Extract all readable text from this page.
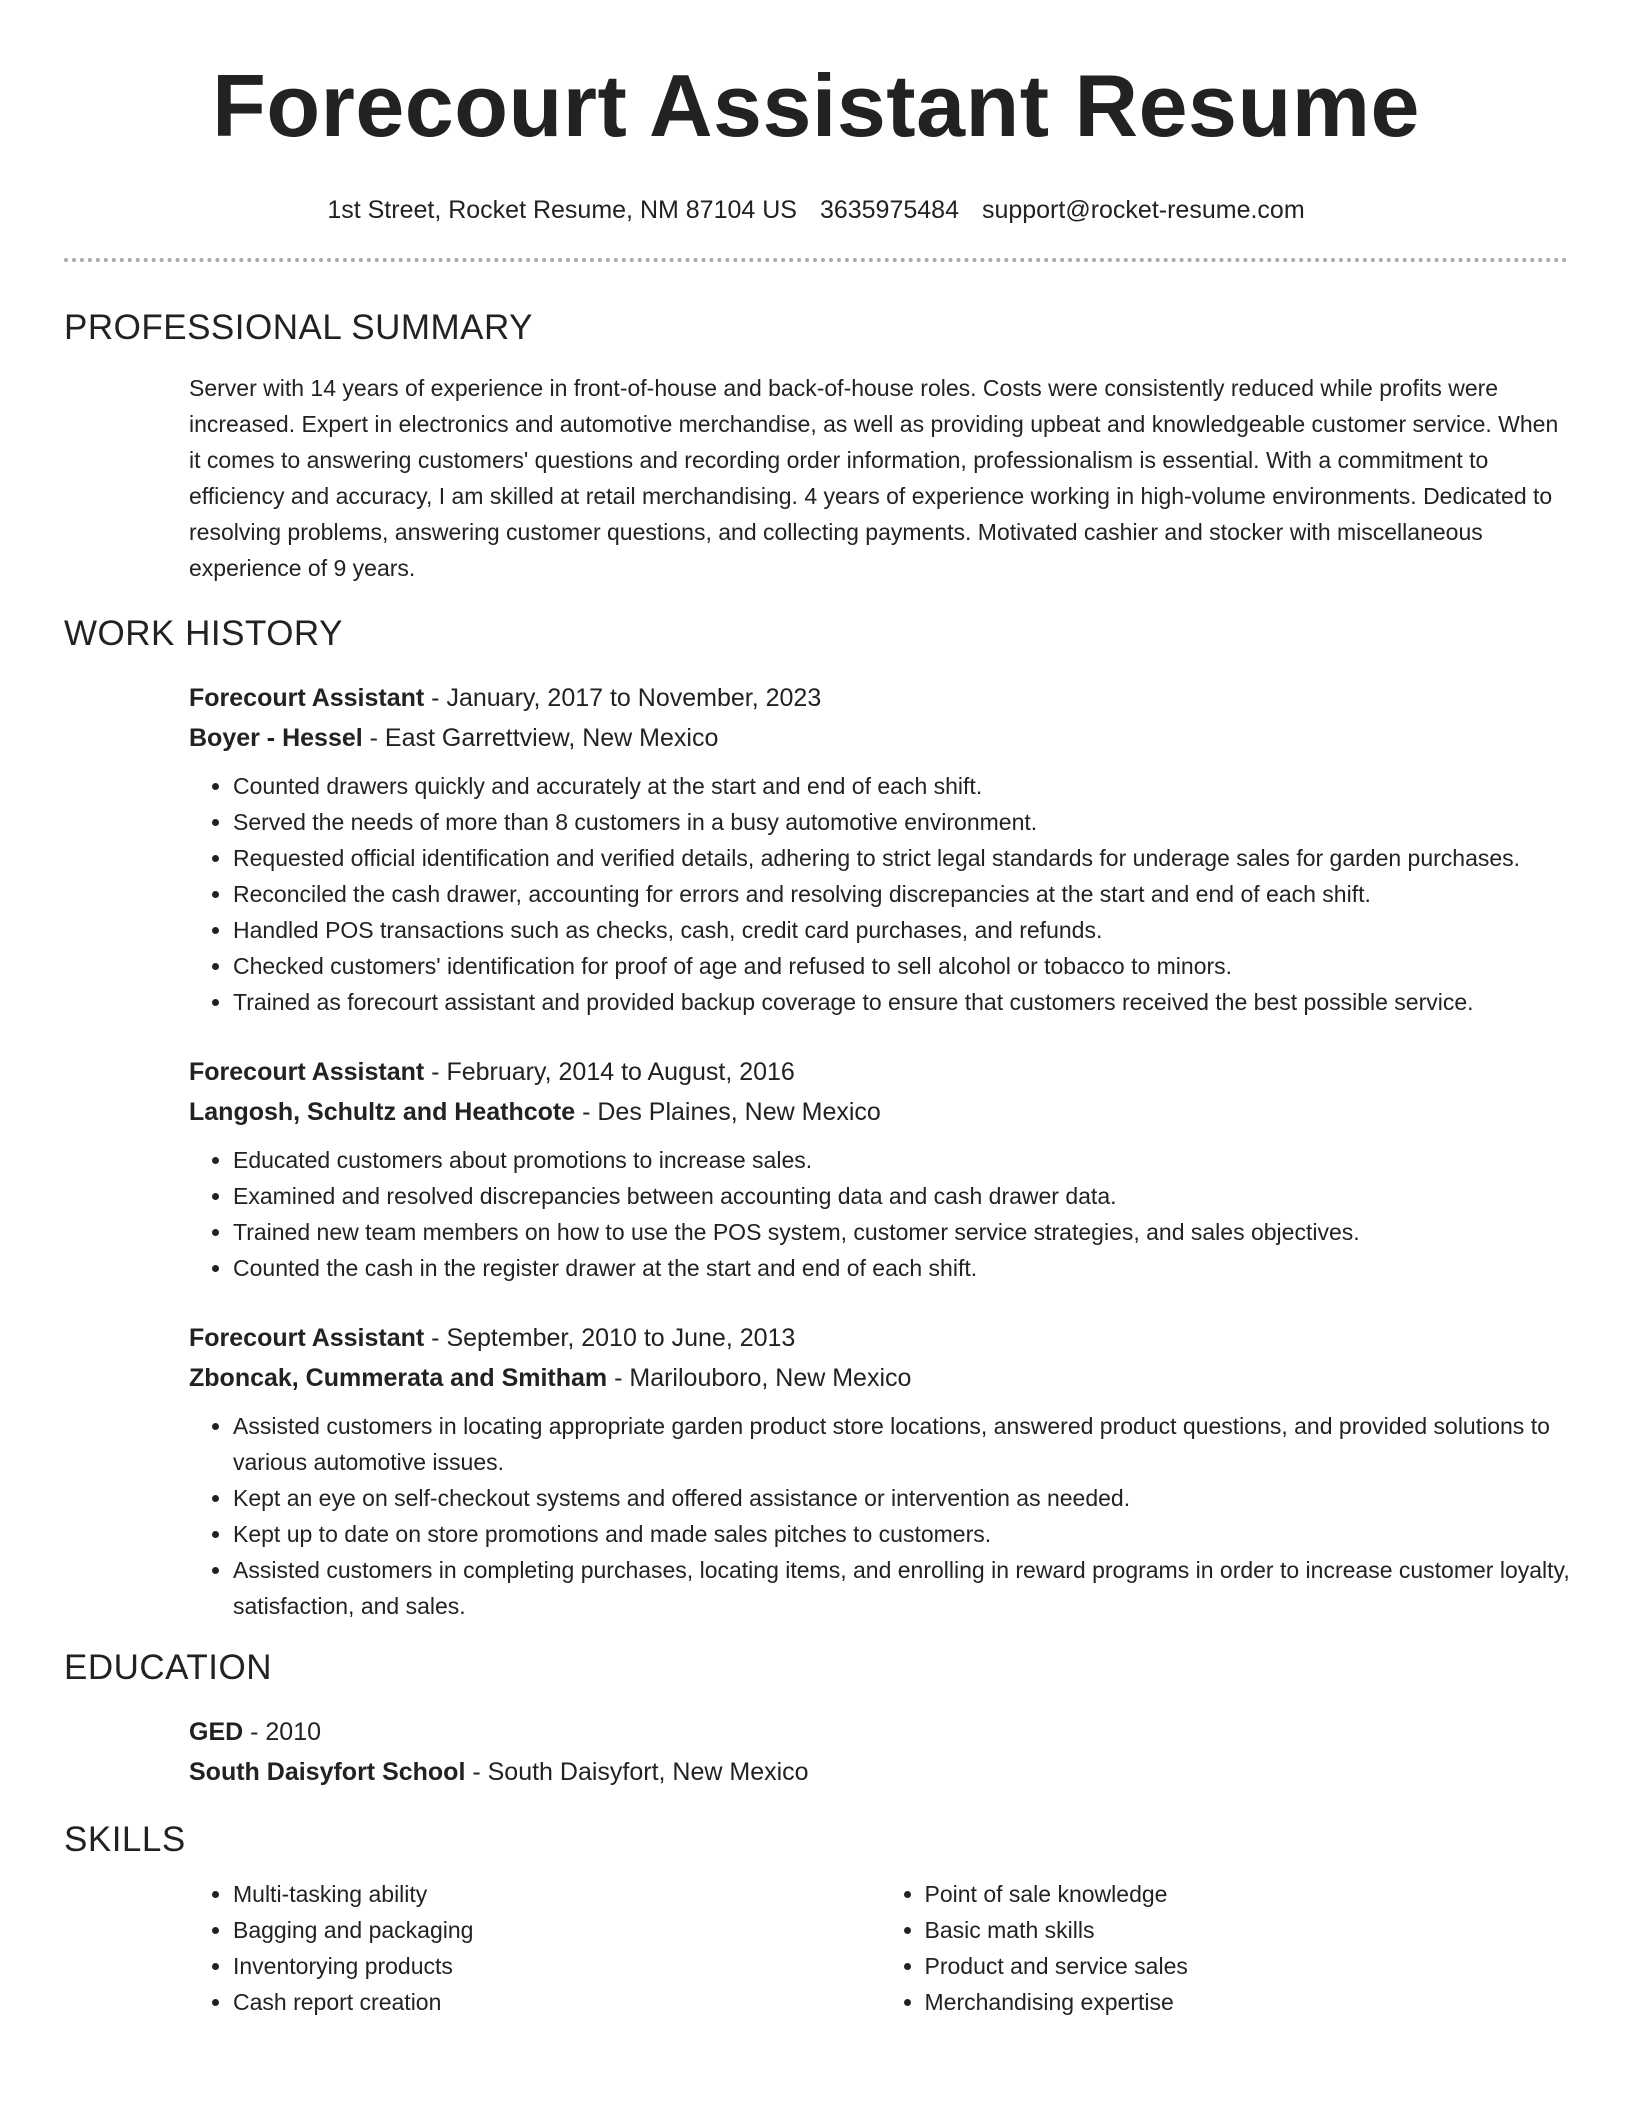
Forecourt Assistant Resume
1st Street, Rocket Resume, NM 87104 US 3635975484 support@rocket-resume.com
PROFESSIONAL SUMMARY

Server with 14 years of experience in front-of-house and back-of-house roles. Costs were consistently reduced while profits were increased. Expert in electronics and automotive merchandise, as well as providing upbeat and knowledgeable customer service. When it comes to answering customers' questions and recording order information, professionalism is essential. With a commitment to efficiency and accuracy, I am skilled at retail merchandising. 4 years of experience working in high-volume environments. Dedicated to resolving problems, answering customer questions, and collecting payments. Motivated cashier and stocker with miscellaneous experience of 9 years.

WORK HISTORY
Forecourt Assistant - January, 2017 to November, 2023
Boyer - Hessel - East Garrettview, New Mexico
• Counted drawers quickly and accurately at the start and end of each shift.
• Served the needs of more than 8 customers in a busy automotive environment.
• Requested official identification and verified details, adhering to strict legal standards for underage sales for garden purchases.
• Reconciled the cash drawer, accounting for errors and resolving discrepancies at the start and end of each shift.
• Handled POS transactions such as checks, cash, credit card purchases, and refunds.
• Checked customers' identification for proof of age and refused to sell alcohol or tobacco to minors.
• Trained as forecourt assistant and provided backup coverage to ensure that customers received the best possible service.
Forecourt Assistant - February, 2014 to August, 2016
Langosh, Schultz and Heathcote - Des Plaines, New Mexico
• Educated customers about promotions to increase sales.
• Examined and resolved discrepancies between accounting data and cash drawer data.
• Trained new team members on how to use the POS system, customer service strategies, and sales objectives.
• Counted the cash in the register drawer at the start and end of each shift.
Forecourt Assistant - September, 2010 to June, 2013
Zboncak, Cummerata and Smitham - Marilouboro, New Mexico
• Assisted customers in locating appropriate garden product store locations, answered product questions, and provided solutions to various automotive issues.
• Kept an eye on self-checkout systems and offered assistance or intervention as needed.
• Kept up to date on store promotions and made sales pitches to customers.
• Assisted customers in completing purchases, locating items, and enrolling in reward programs in order to increase customer loyalty, satisfaction, and sales.
EDUCATION
GED - 2010
South Daisyfort School - South Daisyfort, New Mexico
SKILLS
• Multi-tasking ability
• Bagging and packaging
• Inventorying products
• Cash report creation
• Point of sale knowledge
• Basic math skills
• Product and service sales
• Merchandising expertise
